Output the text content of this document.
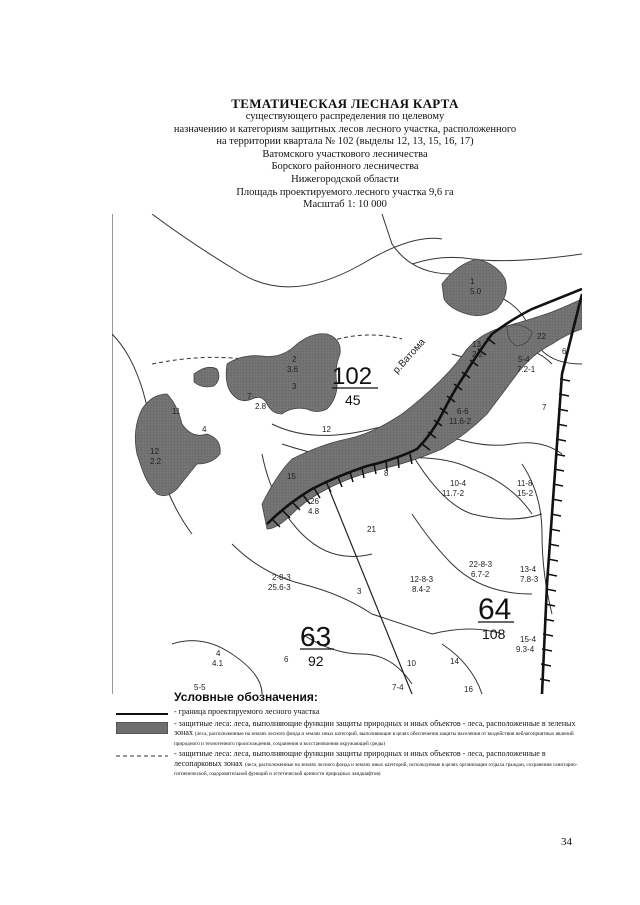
ТЕМАТИЧЕСКАЯ ЛЕСНАЯ КАРТА
существующего распределения по целевому
назначению и категориям защитных лесов лесного участка, расположенного
на территории квартала № 102 (выделы 12, 13, 15, 16, 17)
Ватомского участкового лесничества
Борского районного лесничества
Нижегородской области
Площадь проектируемого лесного участка 9,6 га
Масштаб 1: 10 000
р.Ватома
102
45
64
108
63
92
1
5.0
2
3.6
3
4
7
2.8
11
12
2.2
13
2.2
15	8
26
4.8
21
2-8-3
25.6-3	3
12-8-3
8.4-2
22-8-3
6.7-2
13-4
7.8-3
10-4
11.7-2
11-8
15-2
6-6
11.6-2
5-4
7.2-1
7
6
4
4.1	6	10	14
15-4
9.3-4
5-5	7-4	16
12
22
Условные обозначения:
- граница проектируемого лесного участка
- защитные леса: леса, выполняющие функции защиты природных и иных объектов - леса, расположенные в зеленых зонах (леса, расположенные на землях лесного фонда и землях иных категорий, выполняющие в целях обеспечения защиты населения от воздействия неблагоприятных явлений природного и техногенного происхождения, сохранения и восстановления окружающей среды)
- защитные леса: леса, выполняющие функции защиты природных и иных объектов - леса, расположенные в лесопарковых зонах (леса, расположенные на землях лесного фонда и землях иных категорий, используемые в целях организации отдыха граждан, сохранения санитарно-гигиенической, оздоровительной функций и эстетической ценности природных ландшафтов)
34
